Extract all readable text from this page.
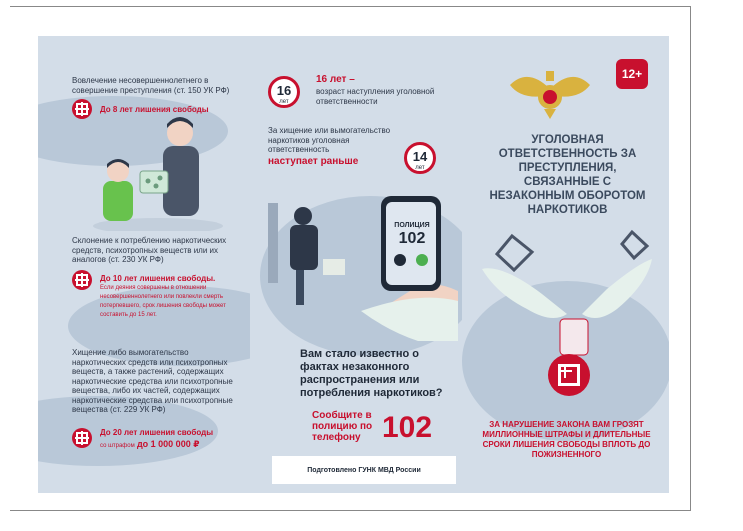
Вовлечение несовершеннолетнего в совершение преступления (ст. 150 УК РФ)
До 8 лет лишения свободы
Склонение к потреблению наркотических средств, психотропных веществ или их аналогов (ст. 230 УК РФ)
До 10 лет лишения свободы.
Если деяния совершены в отношении несовершеннолетнего или повлекли смерть потерпевшего, срок лишения свободы может составить до 15 лет.
Хищение либо вымогательство наркотических средств или психотропных веществ, а также растений, содержащих наркотические средства или психотропные вещества, либо их частей, содержащих наркотические средства или психотропные вещества (ст. 229 УК РФ)
До 20 лет лишения свободы
со штрафом до 1 000 000 ₽
16
лет
16 лет –
возраст наступления уголовной ответственности
За хищение или вымогательство наркотиков уголовная ответственность
наступает раньше	14
лет
ПОЛИЦИЯ
102
Вам стало известно о фактах незаконного распространения или потребления наркотиков?
Сообщите в полицию по телефону 102
Подготовлено ГУНК МВД России
12+
УГОЛОВНАЯ ОТВЕТСТВЕННОСТЬ ЗА ПРЕСТУПЛЕНИЯ, СВЯЗАННЫЕ С НЕЗАКОННЫМ ОБОРОТОМ НАРКОТИКОВ
ЗА НАРУШЕНИЕ ЗАКОНА ВАМ ГРОЗЯТ МИЛЛИОННЫЕ ШТРАФЫ И ДЛИТЕЛЬНЫЕ СРОКИ ЛИШЕНИЯ СВОБОДЫ ВПЛОТЬ ДО ПОЖИЗНЕННОГО
